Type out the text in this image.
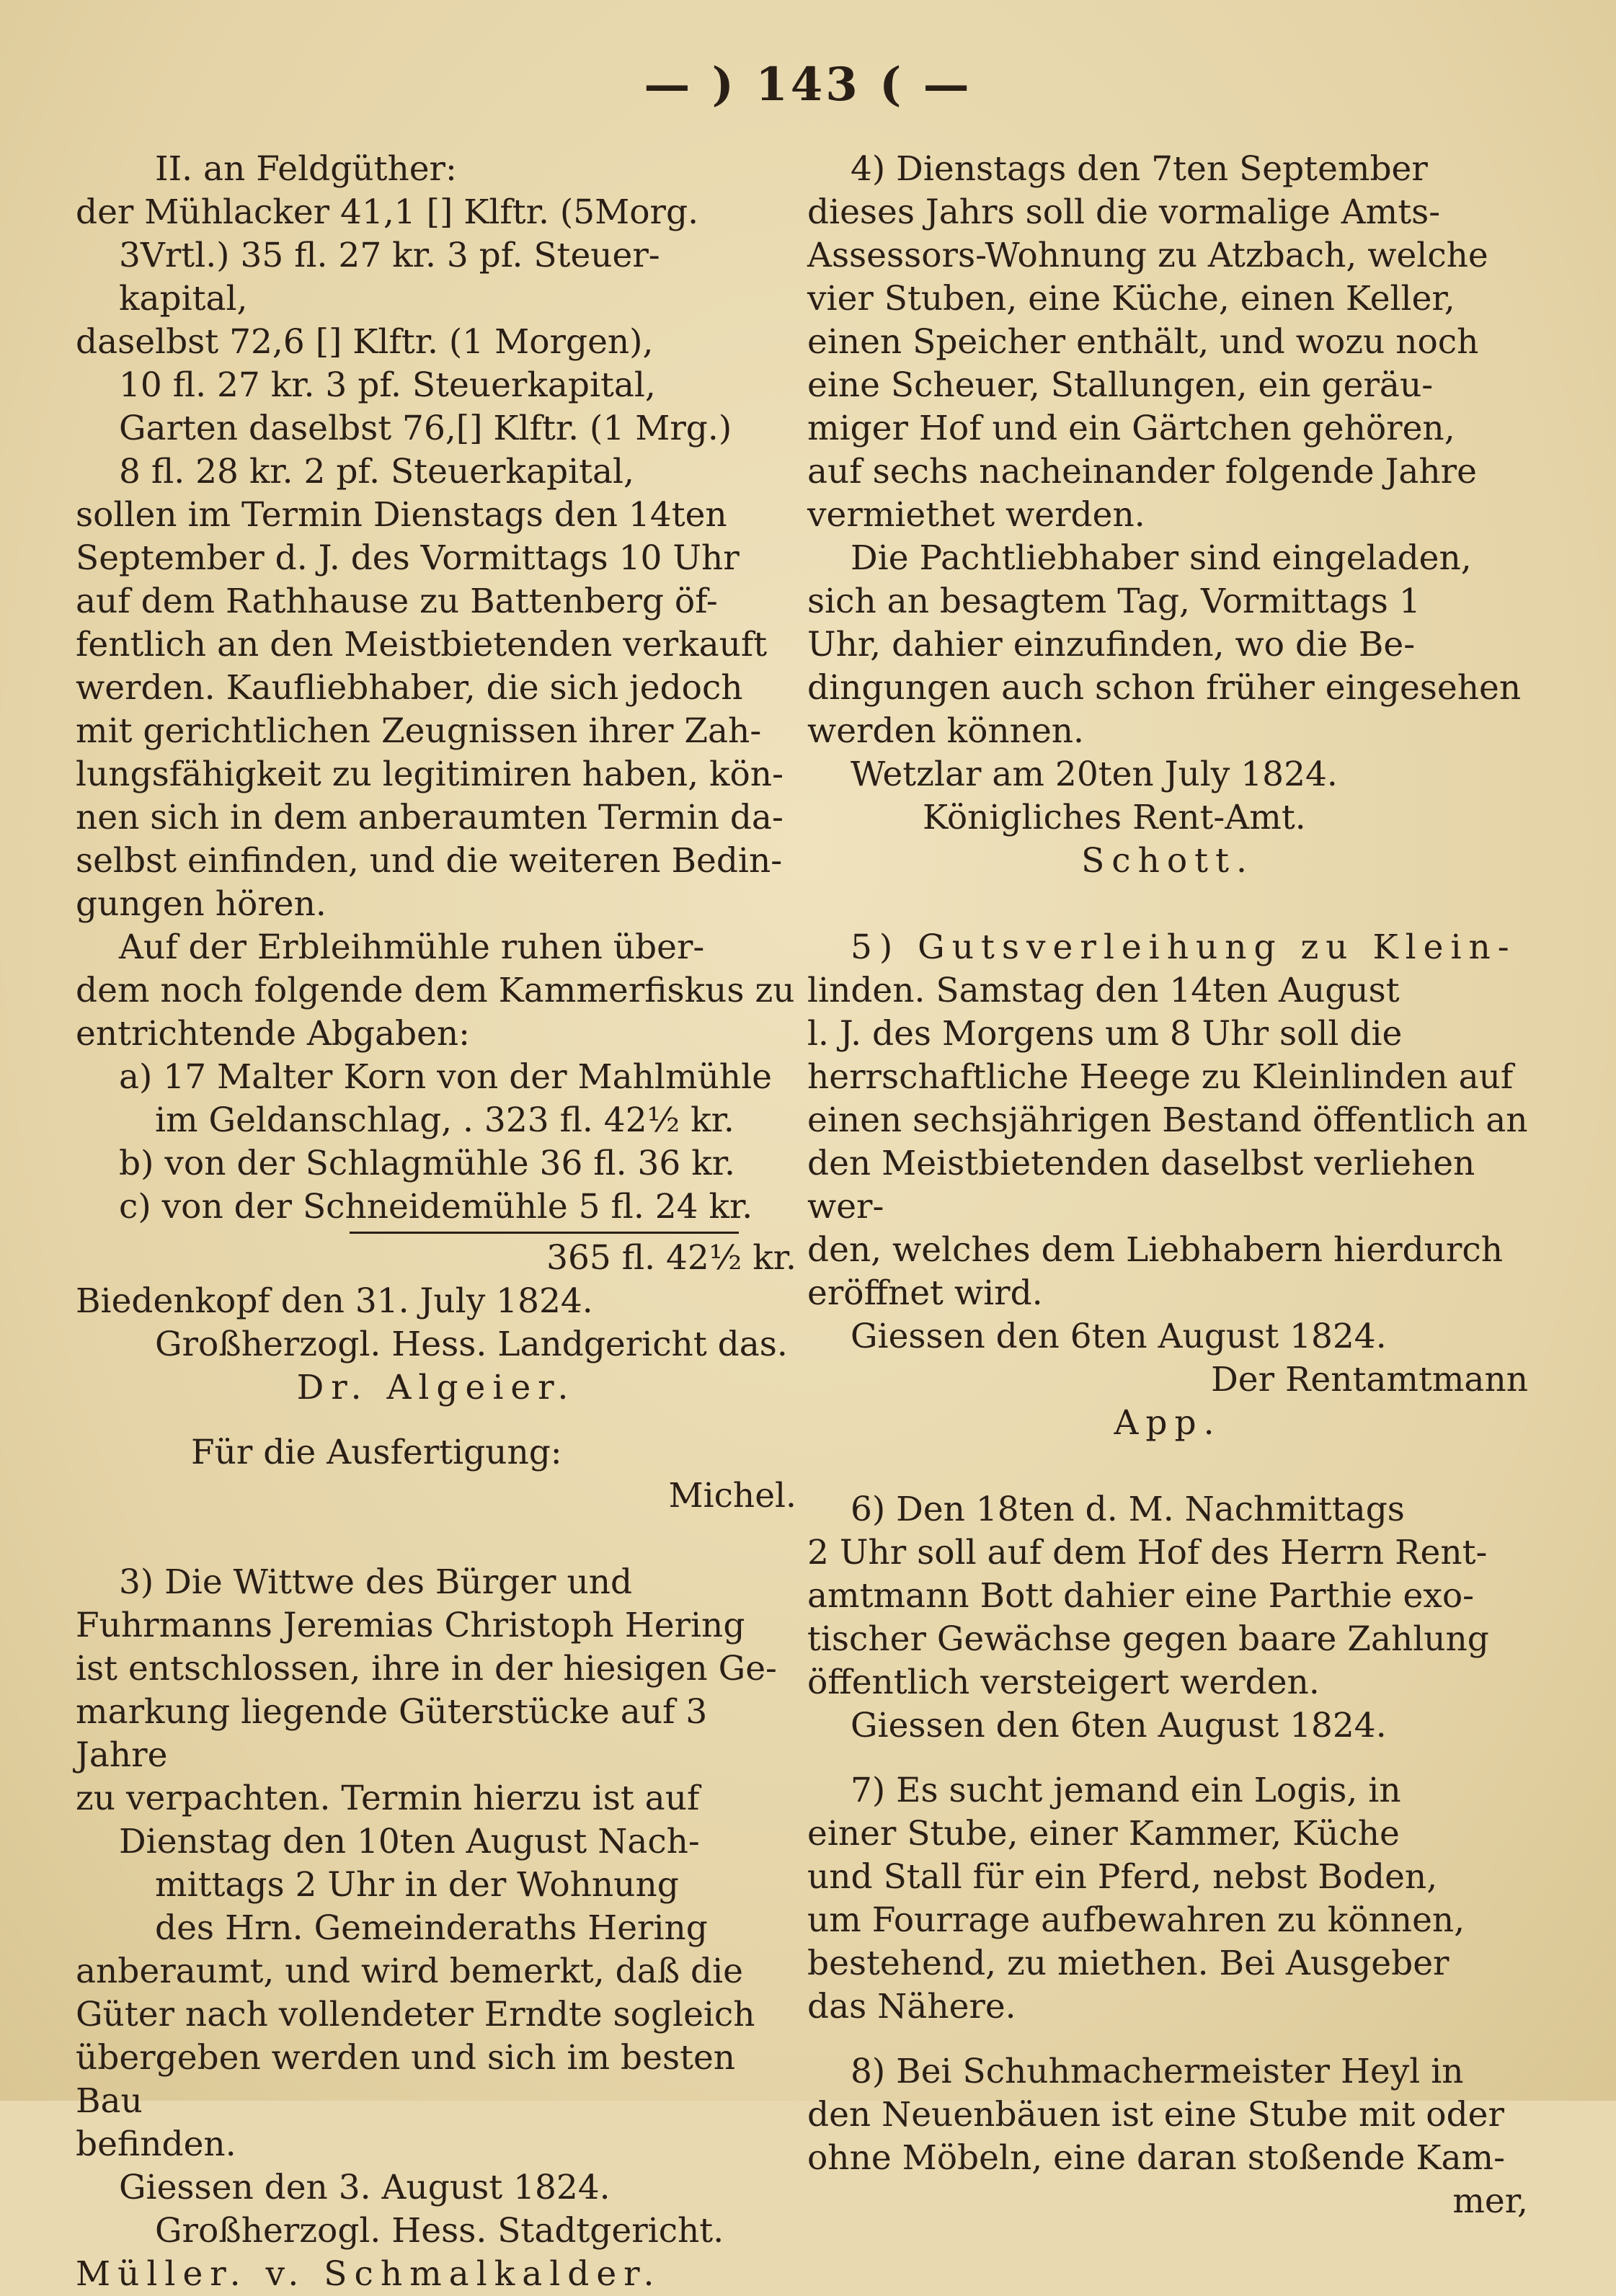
— ) 143 ( —

II. an Feldgüther:

der Mühlacker 41,1 [] Klftr. (5Morg.

3Vrtl.) 35 fl. 27 kr. 3 pf. Steuer-

kapital,

daselbst 72,6 [] Klftr. (1 Morgen),

10 fl. 27 kr. 3 pf. Steuerkapital,

Garten daselbst 76,[] Klftr. (1 Mrg.)

8 fl. 28 kr. 2 pf. Steuerkapital,

sollen im Termin Dienstags den 14ten

September d. J. des Vormittags 10 Uhr

auf dem Rathhause zu Battenberg öf-

fentlich an den Meistbietenden verkauft

werden. Kaufliebhaber, die sich jedoch

mit gerichtlichen Zeugnissen ihrer Zah-

lungsfähigkeit zu legitimiren haben, kön-

nen sich in dem anberaumten Termin da-

selbst einfinden, und die weiteren Bedin-

gungen hören.

Auf der Erbleihmühle ruhen über-

dem noch folgende dem Kammerfiskus zu

entrichtende Abgaben:

a) 17 Malter Korn von der Mahlmühle

im Geldanschlag, . 323 fl. 42½ kr.

b) von der Schlagmühle 36 fl. 36 kr.

c) von der Schneidemühle 5 fl. 24 kr.

365 fl. 42½ kr.

Biedenkopf den 31. July 1824.

Großherzogl. Hess. Landgericht das.

Dr. Algeier.

Für die Ausfertigung:

Michel.

3) Die Wittwe des Bürger und

Fuhrmanns Jeremias Christoph Hering

ist entschlossen, ihre in der hiesigen Ge-

markung liegende Güterstücke auf 3 Jahre

zu verpachten. Termin hierzu ist auf

Dienstag den 10ten August Nach-

mittags 2 Uhr in der Wohnung

des Hrn. Gemeinderaths Hering

anberaumt, und wird bemerkt, daß die

Güter nach vollendeter Erndte sogleich

übergeben werden und sich im besten Bau

befinden.

Giessen den 3. August 1824.

Großherzogl. Hess. Stadtgericht.

Müller. v. Schmalkalder.

4) Dienstags den 7ten September

dieses Jahrs soll die vormalige Amts-

Assessors-Wohnung zu Atzbach, welche

vier Stuben, eine Küche, einen Keller,

einen Speicher enthält, und wozu noch

eine Scheuer, Stallungen, ein geräu-

miger Hof und ein Gärtchen gehören,

auf sechs nacheinander folgende Jahre

vermiethet werden.

Die Pachtliebhaber sind eingeladen,

sich an besagtem Tag, Vormittags 1

Uhr, dahier einzufinden, wo die Be-

dingungen auch schon früher eingesehen

werden können.

Wetzlar am 20ten July 1824.

Königliches Rent-Amt.

Schott.

5) Gutsverleihung zu Klein-

linden. Samstag den 14ten August

l. J. des Morgens um 8 Uhr soll die

herrschaftliche Heege zu Kleinlinden auf

einen sechsjährigen Bestand öffentlich an

den Meistbietenden daselbst verliehen wer-

den, welches dem Liebhabern hierdurch

eröffnet wird.

Giessen den 6ten August 1824.

Der Rentamtmann

App.

6) Den 18ten d. M. Nachmittags

2 Uhr soll auf dem Hof des Herrn Rent-

amtmann Bott dahier eine Parthie exo-

tischer Gewächse gegen baare Zahlung

öffentlich versteigert werden.

Giessen den 6ten August 1824.

7) Es sucht jemand ein Logis, in

einer Stube, einer Kammer, Küche

und Stall für ein Pferd, nebst Boden,

um Fourrage aufbewahren zu können,

bestehend, zu miethen. Bei Ausgeber

das Nähere.

8) Bei Schuhmachermeister Heyl in

den Neuenbäuen ist eine Stube mit oder

ohne Möbeln, eine daran stoßende Kam-

mer,
